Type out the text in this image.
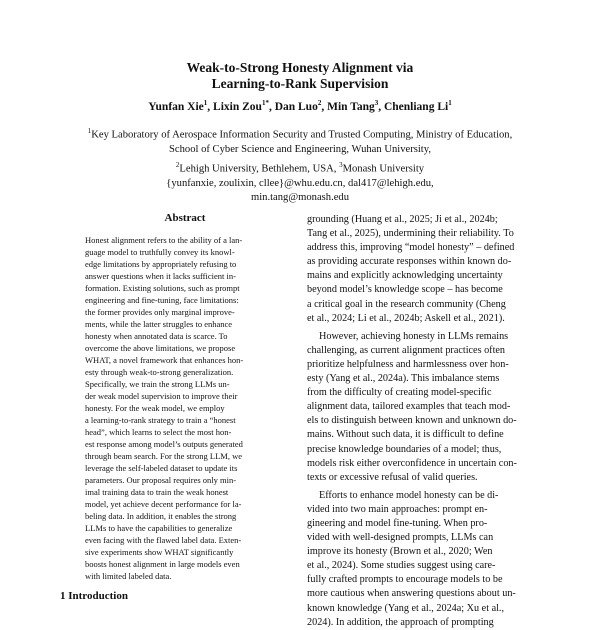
Weak-to-Strong Honesty Alignment via
Learning-to-Rank Supervision
Yunfan Xie$^1$, Lixin Zou$^{1*}$, Dan Luo$^2$, Min Tang$^3$, Chenliang Li$^1$
$^1$Key Laboratory of Aerospace Information Security and Trusted Computing, Ministry of Education,
School of Cyber Science and Engineering, Wuhan University,
$^2$Lehigh University, Bethlehem, USA, $^3$Monash University
{yunfanxie, zoulixin, cllee}@whu.edu.cn, dal417@lehigh.edu,
min.tang@monash.edu
Abstract
Honest alignment refers to the ability of a lan-
guage model to truthfully convey its knowl-
edge limitations by appropriately refusing to
answer questions when it lacks sufficient in-
formation. Existing solutions, such as prompt
engineering and fine-tuning, face limitations:
the former provides only marginal improve-
ments, while the latter struggles to enhance
honesty when annotated data is scarce. To
overcome the above limitations, we propose
WHAT, a novel framework that enhances hon-
esty through weak-to-strong generalization.
Specifically, we train the strong LLMs un-
der weak model supervision to improve their
honesty. For the weak model, we employ
a learning-to-rank strategy to train a “honest
head”, which learns to select the most hon-
est response among model’s outputs generated
through beam search. For the strong LLM, we
leverage the self-labeled dataset to update its
parameters. Our proposal requires only min-
imal training data to train the weak honest
model, yet achieve decent performance for la-
beling data. In addition, it enables the strong
LLMs to have the capabilities to generalize
even facing with the flawed label data. Exten-
sive experiments show WHAT significantly
boosts honest alignment in large models even
with limited labeled data.
grounding (Huang et al., 2025; Ji et al., 2024b;
Tang et al., 2025), undermining their reliability. To
address this, improving “model honesty” – defined
as providing accurate responses within known do-
mains and explicitly acknowledging uncertainty
beyond model’s knowledge scope – has become
a critical goal in the research community (Cheng
et al., 2024; Li et al., 2024b; Askell et al., 2021).
However, achieving honesty in LLMs remains
challenging, as current alignment practices often
prioritize helpfulness and harmlessness over hon-
esty (Yang et al., 2024a). This imbalance stems
from the difficulty of creating model-specific
alignment data, tailored examples that teach mod-
els to distinguish between known and unknown do-
mains. Without such data, it is difficult to define
precise knowledge boundaries of a model; thus,
models risk either overconfidence in uncertain con-
texts or excessive refusal of valid queries.
Efforts to enhance model honesty can be di-
vided into two main approaches: prompt en-
gineering and model fine-tuning. When pro-
vided with well-designed prompts, LLMs can
improve its honesty (Brown et al., 2020; Wen
et al., 2024). Some studies suggest using care-
fully crafted prompts to encourage models to be
more cautious when answering questions about un-
known knowledge (Yang et al., 2024a; Xu et al.,
2024). In addition, the approach of prompting
1 Introduction
